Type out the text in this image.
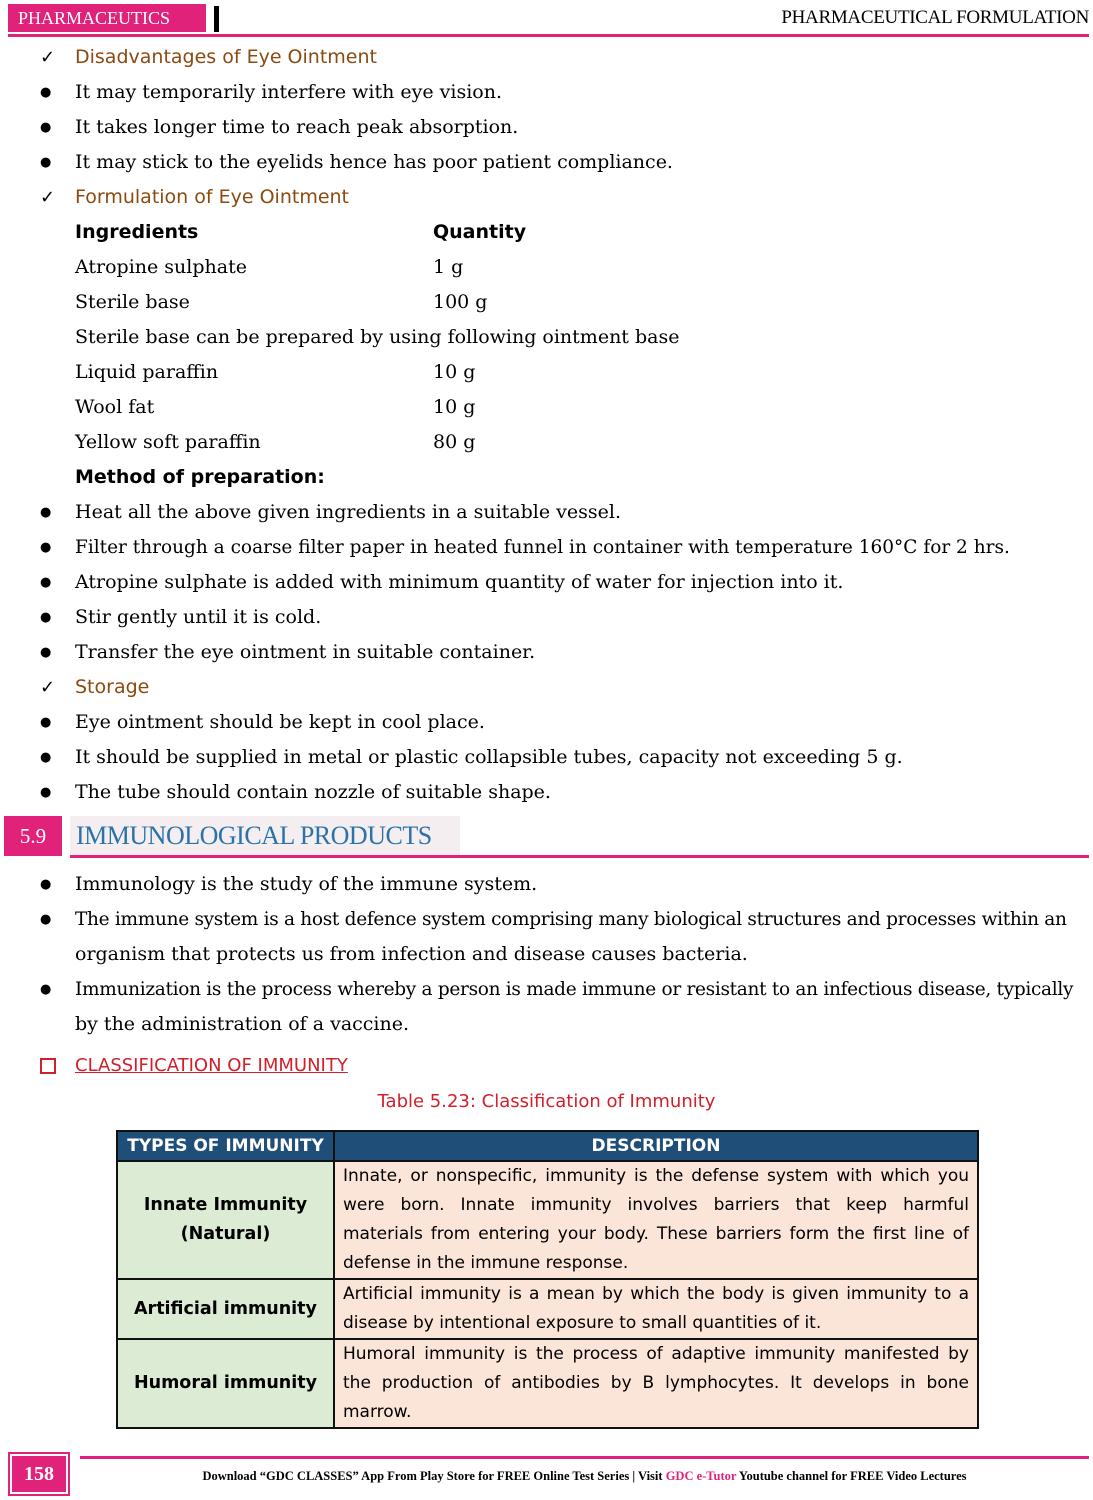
PHARMACEUTICS	PHARMACEUTICAL FORMULATION
✓ Disadvantages of Eye Ointment
● It may temporarily interfere with eye vision.
● It takes longer time to reach peak absorption.
● It may stick to the eyelids hence has poor patient compliance.
✓ Formulation of Eye Ointment
Ingredients	Quantity
Atropine sulphate	1 g
Sterile base	100 g
Sterile base can be prepared by using following ointment base
Liquid paraffin	10 g
Wool fat	10 g
Yellow soft paraffin	80 g
Method of preparation:
● Heat all the above given ingredients in a suitable vessel.
● Filter through a coarse filter paper in heated funnel in container with temperature 160°C for 2 hrs.
● Atropine sulphate is added with minimum quantity of water for injection into it.
● Stir gently until it is cold.
● Transfer the eye ointment in suitable container.
✓ Storage
● Eye ointment should be kept in cool place.
● It should be supplied in metal or plastic collapsible tubes, capacity not exceeding 5 g.
● The tube should contain nozzle of suitable shape.
5.9	IMMUNOLOGICAL PRODUCTS
● Immunology is the study of the immune system.
● The immune system is a host defence system comprising many biological structures and processes within an
organism that protects us from infection and disease causes bacteria.
● Immunization is the process whereby a person is made immune or resistant to an infectious disease, typically
by the administration of a vaccine.
CLASSIFICATION OF IMMUNITY
Table 5.23: Classification of Immunity
TYPES OF IMMUNITY	DESCRIPTION

Innate Immunity
(Natural)	Innate, or nonspecific, immunity is the defense system with which you were born. Innate immunity involves barriers that keep harmful materials from entering your body. These barriers form the first line of defense in the immune response.

Artificial immunity	Artificial immunity is a mean by which the body is given immunity to a disease by intentional exposure to small quantities of it.

Humoral immunity	Humoral immunity is the process of adaptive immunity manifested by the production of antibodies by B lymphocytes. It develops in bone marrow.
158	Download “GDC CLASSES” App From Play Store for FREE Online Test Series | Visit GDC e-Tutor Youtube channel for FREE Video Lectures
